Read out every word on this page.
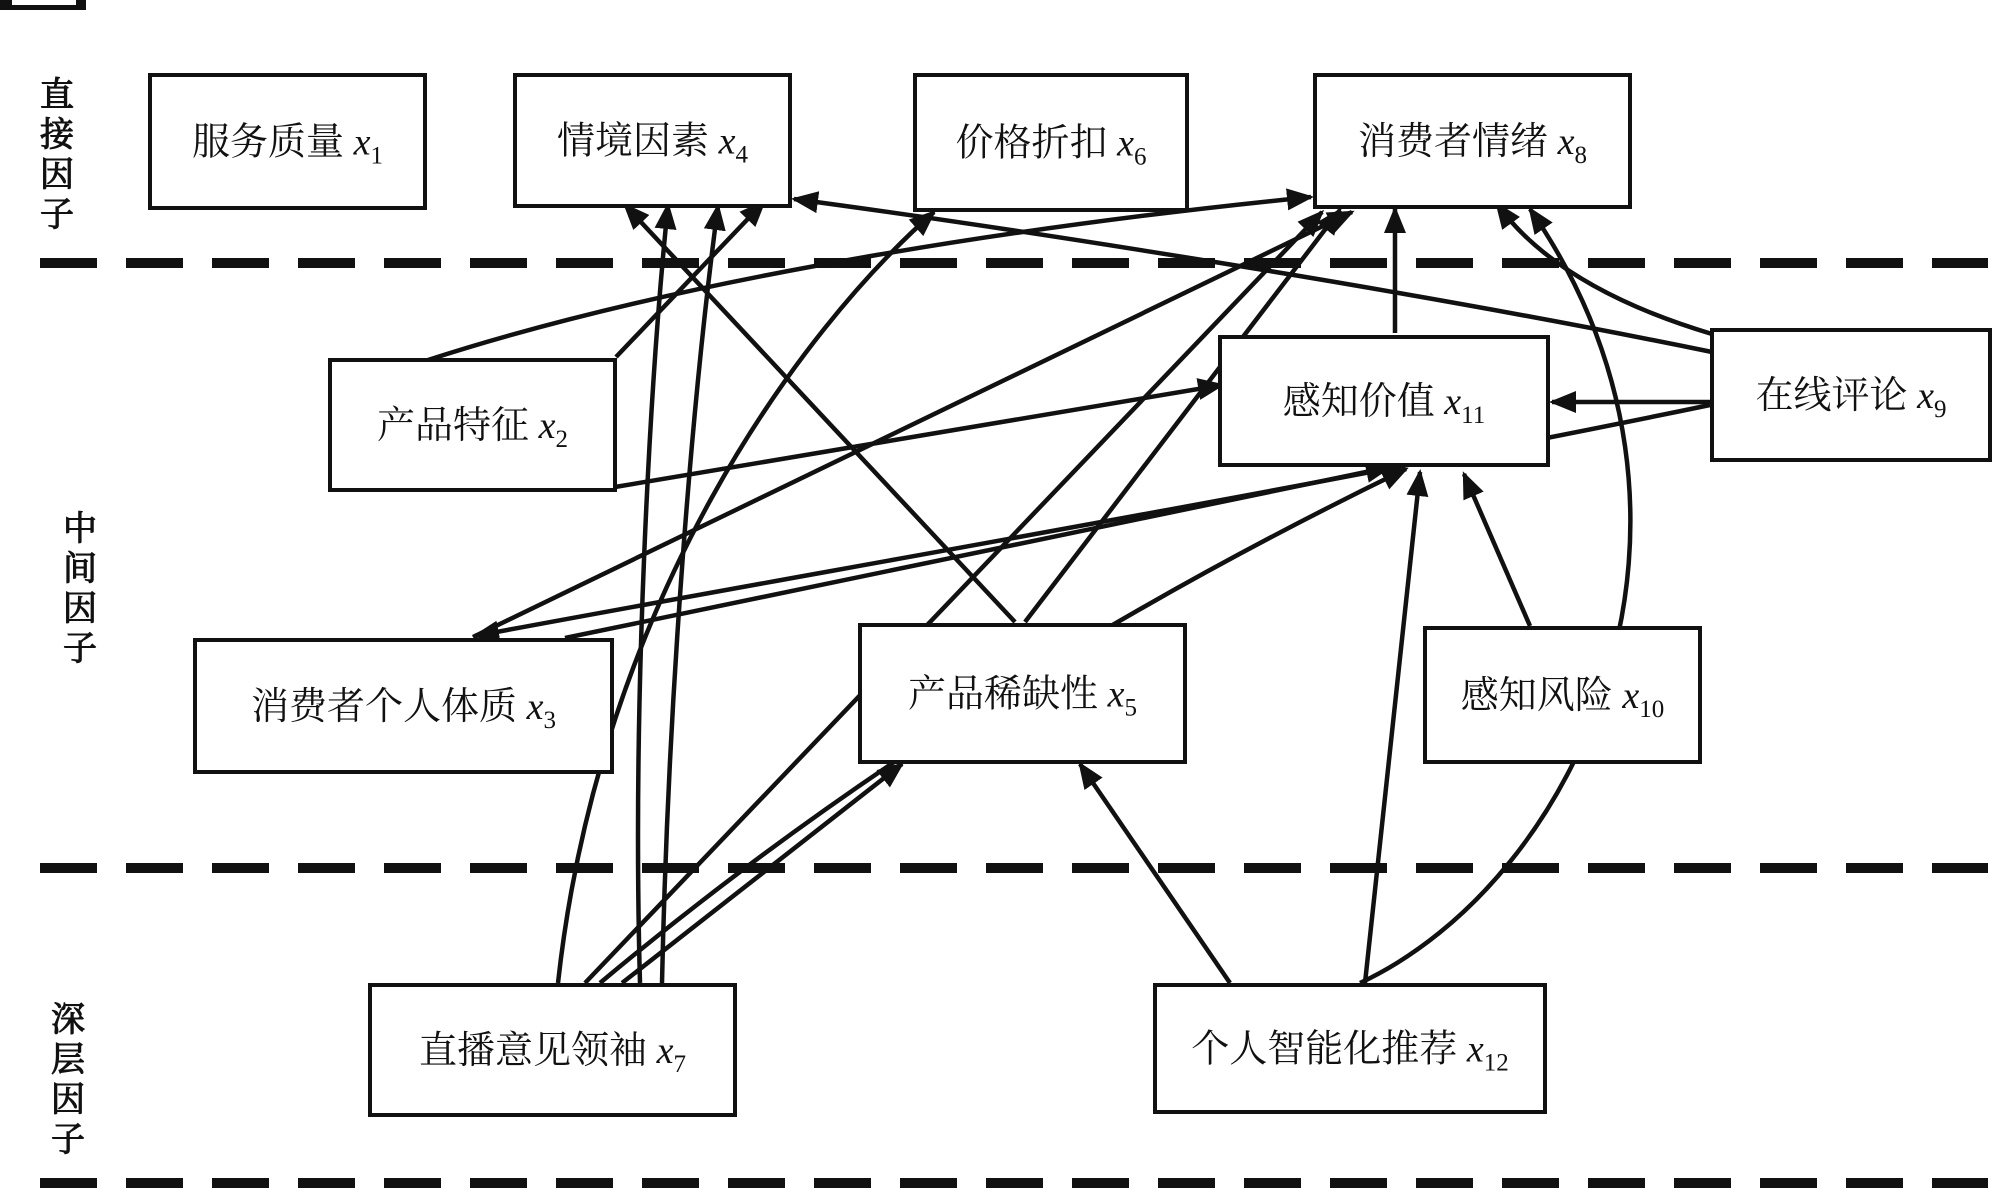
直接因子
中间因子
深层因子
服务质量 $x_1$	情境因素 $x_4$	价格折扣 $x_6$	消费者情绪 $x_8$
产品特征 $x_2$
感知价值 $x_{11}$	在线评论 $x_9$
消费者个人体质 $x_3$
产品稀缺性 $x_5$	感知风险 $x_{10}$
直播意见领袖 $x_7$	个人智能化推荐 $x_{12}$
